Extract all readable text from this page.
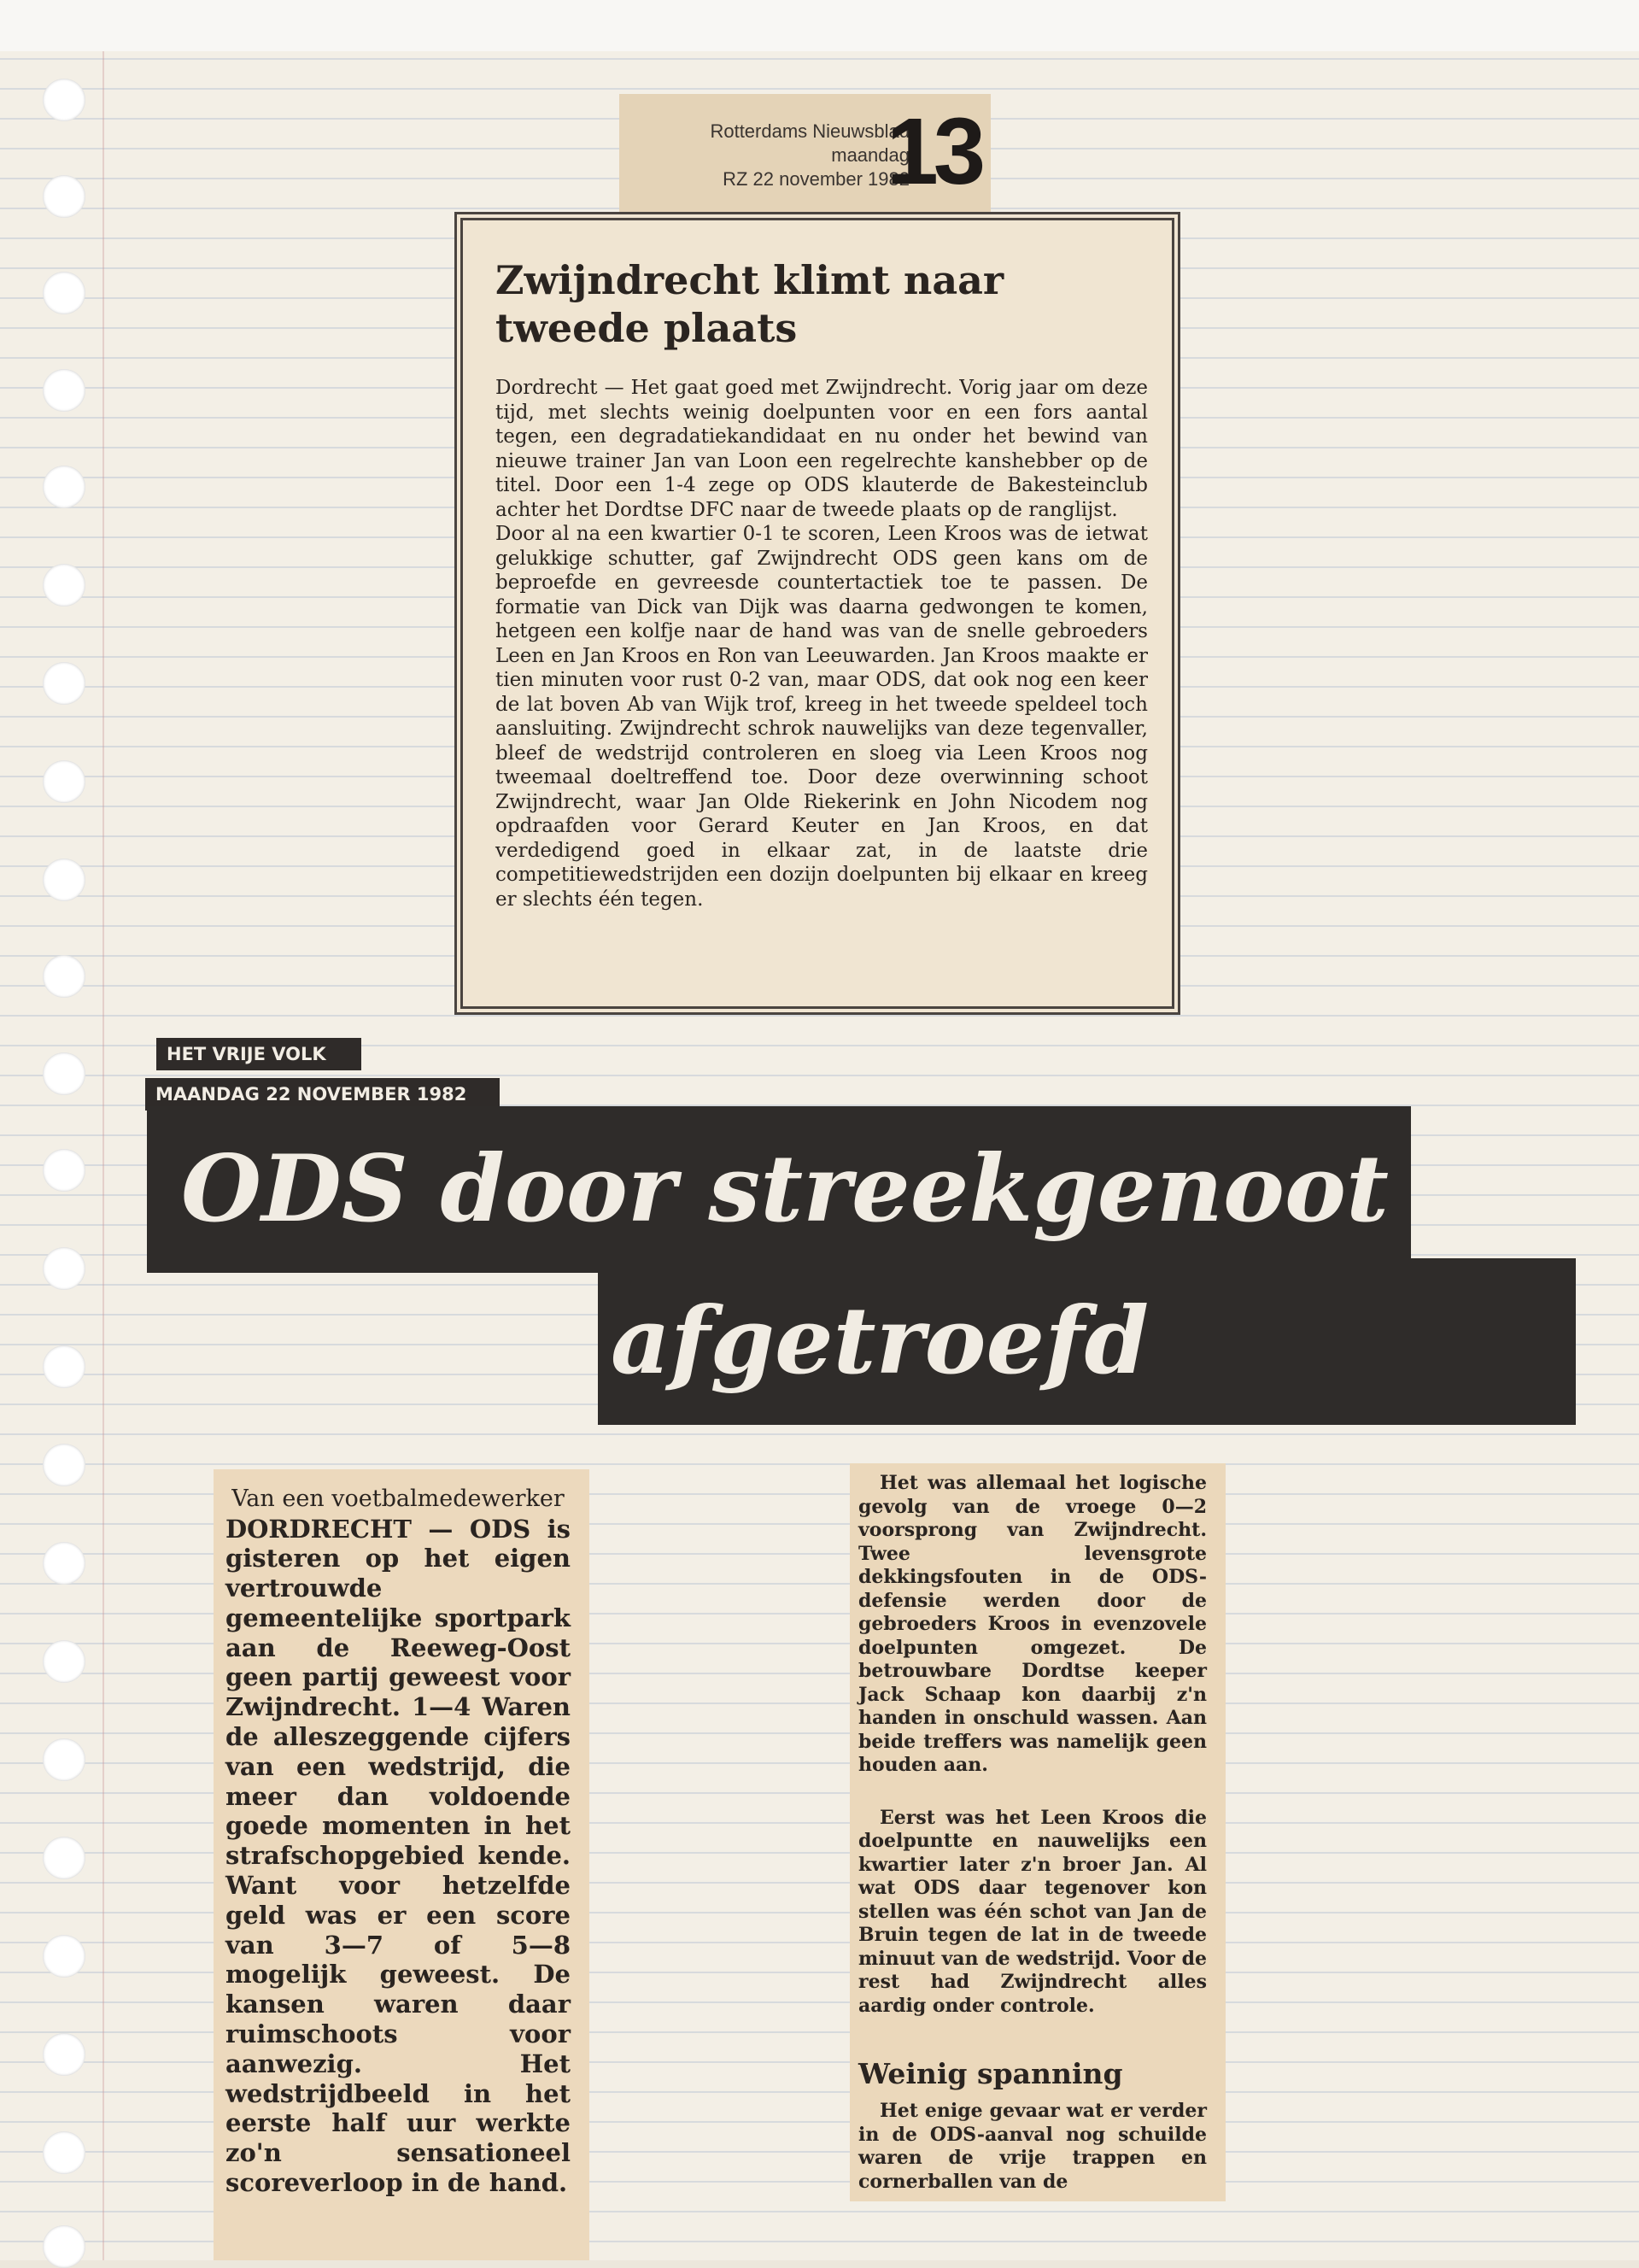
Rotterdams Nieuwsblad
maandag
RZ 22 november 1982
13
Zwijndrecht klimt naar tweede plaats

Dordrecht — Het gaat goed met Zwijndrecht. Vorig jaar om deze tijd, met slechts weinig doelpunten voor en een fors aantal tegen, een degradatiekandidaat en nu onder het bewind van nieuwe trainer Jan van Loon een regelrechte kanshebber op de titel. Door een 1-4 zege op ODS klauterde de Bakesteinclub achter het Dordtse DFC naar de tweede plaats op de ranglijst.

Door al na een kwartier 0-1 te scoren, Leen Kroos was de ietwat gelukkige schutter, gaf Zwijndrecht ODS geen kans om de beproefde en gevreesde countertactiek toe te passen. De formatie van Dick van Dijk was daarna gedwongen te komen, hetgeen een kolfje naar de hand was van de snelle gebroeders Leen en Jan Kroos en Ron van Leeuwarden. Jan Kroos maakte er tien minuten voor rust 0-2 van, maar ODS, dat ook nog een keer de lat boven Ab van Wijk trof, kreeg in het tweede speldeel toch aansluiting. Zwijndrecht schrok nauwelijks van deze tegenvaller, bleef de wedstrijd controleren en sloeg via Leen Kroos nog tweemaal doeltreffend toe. Door deze overwinning schoot Zwijndrecht, waar Jan Olde Riekerink en John Nicodem nog opdraafden voor Gerard Keuter en Jan Kroos, en dat verdedigend goed in elkaar zat, in de laatste drie competitiewedstrijden een dozijn doelpunten bij elkaar en kreeg er slechts één tegen.

HET VRIJE VOLK
MAANDAG 22 NOVEMBER 1982
ODS door streekgenoot
afgetroefd

Van een voetbalmedewerker

DORDRECHT — ODS is gisteren op het eigen vertrouwde gemeentelijke sportpark aan de Reeweg-Oost geen partij geweest voor Zwijndrecht. 1—4 Waren de alleszeggende cijfers van een wedstrijd, die meer dan voldoende goede momenten in het strafschopgebied kende. Want voor hetzelfde geld was er een score van 3—7 of 5—8 mogelijk geweest. De kansen waren daar ruimschoots voor aanwezig. Het wedstrijdbeeld in het eerste half uur werkte zo'n sensationeel scoreverloop in de hand.

Het was allemaal het logische gevolg van de vroege 0—2 voorsprong van Zwijndrecht. Twee levensgrote dekkingsfouten in de ODS-defensie werden door de gebroeders Kroos in evenzovele doelpunten omgezet. De betrouwbare Dordtse keeper Jack Schaap kon daarbij z'n handen in onschuld wassen. Aan beide treffers was namelijk geen houden aan.

Eerst was het Leen Kroos die doelpuntte en nauwelijks een kwartier later z'n broer Jan. Al wat ODS daar tegenover kon stellen was één schot van Jan de Bruin tegen de lat in de tweede minuut van de wedstrijd. Voor de rest had Zwijndrecht alles aardig onder controle.

Weinig spanning

Het enige gevaar wat er verder in de ODS-aanval nog schuilde waren de vrije trappen en cornerballen van de
